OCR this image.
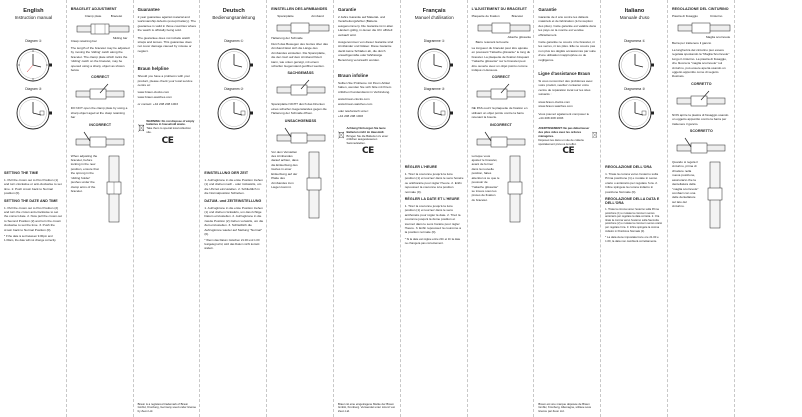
English
Instruction manual
Diagram ①
Diagram ②
SETTING THE TIME
1. Pull the crown out to Pos Position (1) and turn clockwise or anti-clockwise to set time. 2. Push crown back to Normal position (0).
SETTING THE DATE AND TIME
1. Pull the crown out to Pos Position (2) and turn the crown anti-clockwise to set the correct date. 2. Now pull the crown out to Second Position (2) and turn the crown clockwise to set the time. 3. Push the crown back to Normal Position (0).
* If the date is set between 9.00pm and 1.00am, the date will not change correctly.
BRACELET ADJUSTMENT
Clamp plate	Bracelet
Clasp retaining bar
Sliding bar
The length of the bracelet may be adjusted by moving the 'sliding' catch along the bracelet. The clamp plate which locks the 'sliding' catch on the bracelet, may be opened using a sharp, object as shown below
CORRECT
DO NOT open the clamp plate by using a sharp object aged at the clasp retaining bar
INCORRECT
When adjusting the bracelet, before locking in the new position, ensure that the sprung in the 'sliding holder' pushes under the clamp arms of the bracelet.
Guarantee
2 year guarantee against material and workmanship defects (except battery). The guarantee is valid in those countries where the watch is officially being sold.
The guarantee does not include watch straps and lenses. This guarantee does not cover damage caused by misuse or neglect.
Braun helpline
Should you have a problems with your product, please check your local service centre at:
www.braun-clocks.com
www.braun-watches.com
or contact: +44 208 208 1003
WARNING: Do not dispose of empty batteries in household waste.
Take them to special local collection site.
CE
Braun is a registered trademark of Braun GmbH, Kronberg, Germany used under license by Zeon Ltd.
Deutsch
Bedienungsanleitung
Diagramm ①
Diagramm ②
EINSTELLUNG DER ZEIT
1. Aufzugkrone in die erste Position ziehen (1) und drehen nach - oder rückwärts, um die Uhrzeit einzustellen. 2. Schließlich in die Normalposition Schieben.
DATUM- und ZEITEINSTELLUNG
1. Aufzugkrone in die erste Position ziehen (1) und drehen rückwärts, um das richtige Datum einzustellen. 2. Aufzugkrone in die zweite Position (2) ziehen vorwärts, um die Zeit einzustellen. 3. Schließlich die Aufzugkrone wieder auf Stellung "Normal" (0).
* Wenn das Datum zwischen 21.00 und 1.00 festgelegt wird, wird das Datum nicht korrekt ändern.
EINSTELLEN DES ARMBANDES
Spannplatte	Armband
Halterung der Schnalle
Durch das Bewegen des Gurtes über das Armband lässt sich die Länge des Armbandes einstellen. Die Spannplatte, die den Gurt auf dem Armband fixiert kann, wie unten gezeigt, mit einem scharfen Gegenstand geöffnet werden.
SACHGEMÄSS
Spannplatte NICHT durch das Drucken eines scharfen Gegenstandes gegen die Halterung der Schnalle öffnen.
UNSACHGEMÄSS
Vor dem Verstellen des Armbandes darauf achten, dass die Einkerbung des Gurtes in einer Einkerbung auf der Platte des Armbandes zum Liegen kommt.
Garantie
2 Jahre Garantie auf Material- und Verarbeitungsfehler (Batterie ausgenommen). Die Garantie ist in allen Ländern gültig, in denen die Uhr offiziell verkauft wird.
Ausgenommen von dieser Garantie sind Armbänder und Gläser. Diese Garantie deckt keine Schäden ab, die durch unsachgemäße oder fahrlässige Benutzung verursacht wurden.
Braun infoline
Sollten Sie Probleme mit Ihrem Artikel haben, wenden Sie sich bitte mit Ihrem örtlichen Kundendienst in Verbindung.
www.braun-clocks.com
www.braun-watches.com
oder telefonisch unter:
+44 208 208 1003
Achtung! Entsorgen Sie leere Batterien nicht im Hausmüll.
Bringen Sie die Batterien zu einer örtlichen ausgewiesenen Sammelstellen.
CE
Braun ist eine eingetragene Marke der Braun GmbH, Kronberg. Verwendet unter Lizenz von Zeon Ltd.
Français
Manuel d'utilisation
Diagramme ①
Diagramme ②
RÉGLER L'HEURE
1. Tirez la couronne jusqu'à la 1ère position (1) et tournez dans le sens horaire ou antihoraire pour régler l'heure. 2. Enfin repoussez la couronne à la position normale (0).
RÉGLER LA DATE ET L'HEURE
1. Tirez la couronne jusqu'à la 1ère position (1) et tournez dans le sens antihoraire pour régler la date. 2. Tirez la couronne jusqu'à la 2ème position et tournez dans le sens horaire pour régler l'heure. 3. Enfin repoussez la couronne à la position normale (0).
* Si la date est réglée entre 21h et 1h la date ne changera pas correctement.
L'AJUSTEMENT DU BRACELET
Plaquette de fixation	Bracelet
Attache glissante
Barre retenant la boucle
La longueur du bracelet peut être ajustée en poussant "l'attache glissante" le long du bracelet. La plaquette de fixation bloquant "l'attache glissante" sur le bracelet peut être ouverte avec un objet pointu comme indiqué ci-dessous.
CORRECT
NE PAS ouvrir la plaquette de fixation en utilisant un objet pointu contre la barre retenant la boucle.
INCORRECT
Lorsque vous ajustez le bracelet, avant de fermer dans la nouvelle position, faites attention à ce que le poussoir de "l'attache glissante" se trouve sous les pinces de fixation du bracelet.
Garantie
Garantie de 2 ans contre les défauts matériels et de fabrication (à l'exception des piles). Cette garantie est valable dans les pays où la montre est vendue officiellement.
Cette garantie ne couvre ni le bracelet, ni les verres, ni les piles. Elle ne couvre pas non plus les dégâts occasionnés par suite d'une utilisation inappropriée ou de négligence.
Ligne d'assistance Braun
Si vous rencontrez des problèmes avec votre produit, veuillez contacter votre centre de réparation local sur les sites suivants :
www.braun-clocks.com
www.braun-watches.com
Vous pouvez également composer le
+44 208 208 1003
AVERTISSEMENT: Ne pas débarrasser des piles vides avec les ordures ménagères.
Déposez-les dans un site de collecte spécialement prévu à cet effet.
CE
Braun est une marque déposée de Braun GmbH, Kronberg, Allemagne, utilisée sous licence par Zeon Ltd.
Italiano
Manuale d'uso
Diagramma ①
Diagramma ②
REGOLAZIONE DELL'ORA
1. Tirate la corona verso l'esterno sulla Prima posizione (1) e ruotate in senso orario o antiorario per regolare l'ora. 2. Infine spingete la corona indietro in posizione Normale (0).
REGOLAZIONE DELLA DATA E DELL'ORA
1. Tirate la corona verso l'esterno sulla Prima posizione (1) e ruotate la corona in senso antiorario per regolare la data corretta. 2. Ora tirate la corona verso l'esterno sulla Seconda posizione (2) e ruotate la corona in senso orario per regolare l'ora. 3. Infine spingete la corona indietro in Posizione Normale (0).
* La data viene impostata tra le ore 21.00 e 1.00, la data non cambierà correttamente.
REGOLAZIONE DEL CINTURINO
Piastra di fissaggio	Cinturino
Maglia scorrevole
Barra per trattenere il gancio
La lunghezza del cinturino può essere regolata spostando la "Maglia Scorrevole" lungo il cinturino. La piastra di fissaggio, che blocca la "maglia scorrevole" sul cinturino, può essere aperta usando un oggetto appuntito come di seguito illustrato.
CORRETTO
NON aprire la piastra di fissaggio usando un oggetto appuntito contro la barra per trattenere il gancio.
SCORRETTO
Quando si regola il cinturino, prima di chiudere nella nuova posizione, assicurarsi che la dentellatura della "maglia scorrevole" combaci con una delle dentellature sul lato del cinturino.
